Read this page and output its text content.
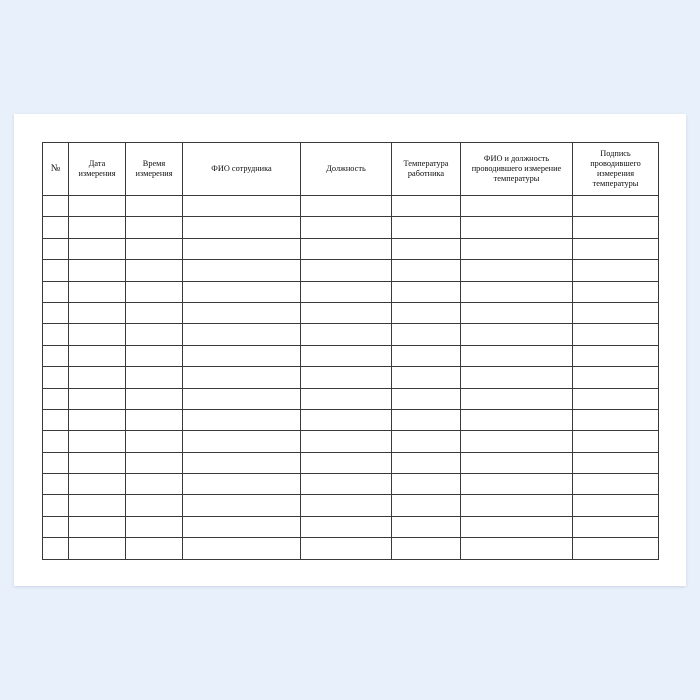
№	Дата измерения	Время измерения	ФИО сотрудника	Должность	Температура работника	ФИО и должность проводившего измерение температуры	Подпись проводившего измерения температуры
